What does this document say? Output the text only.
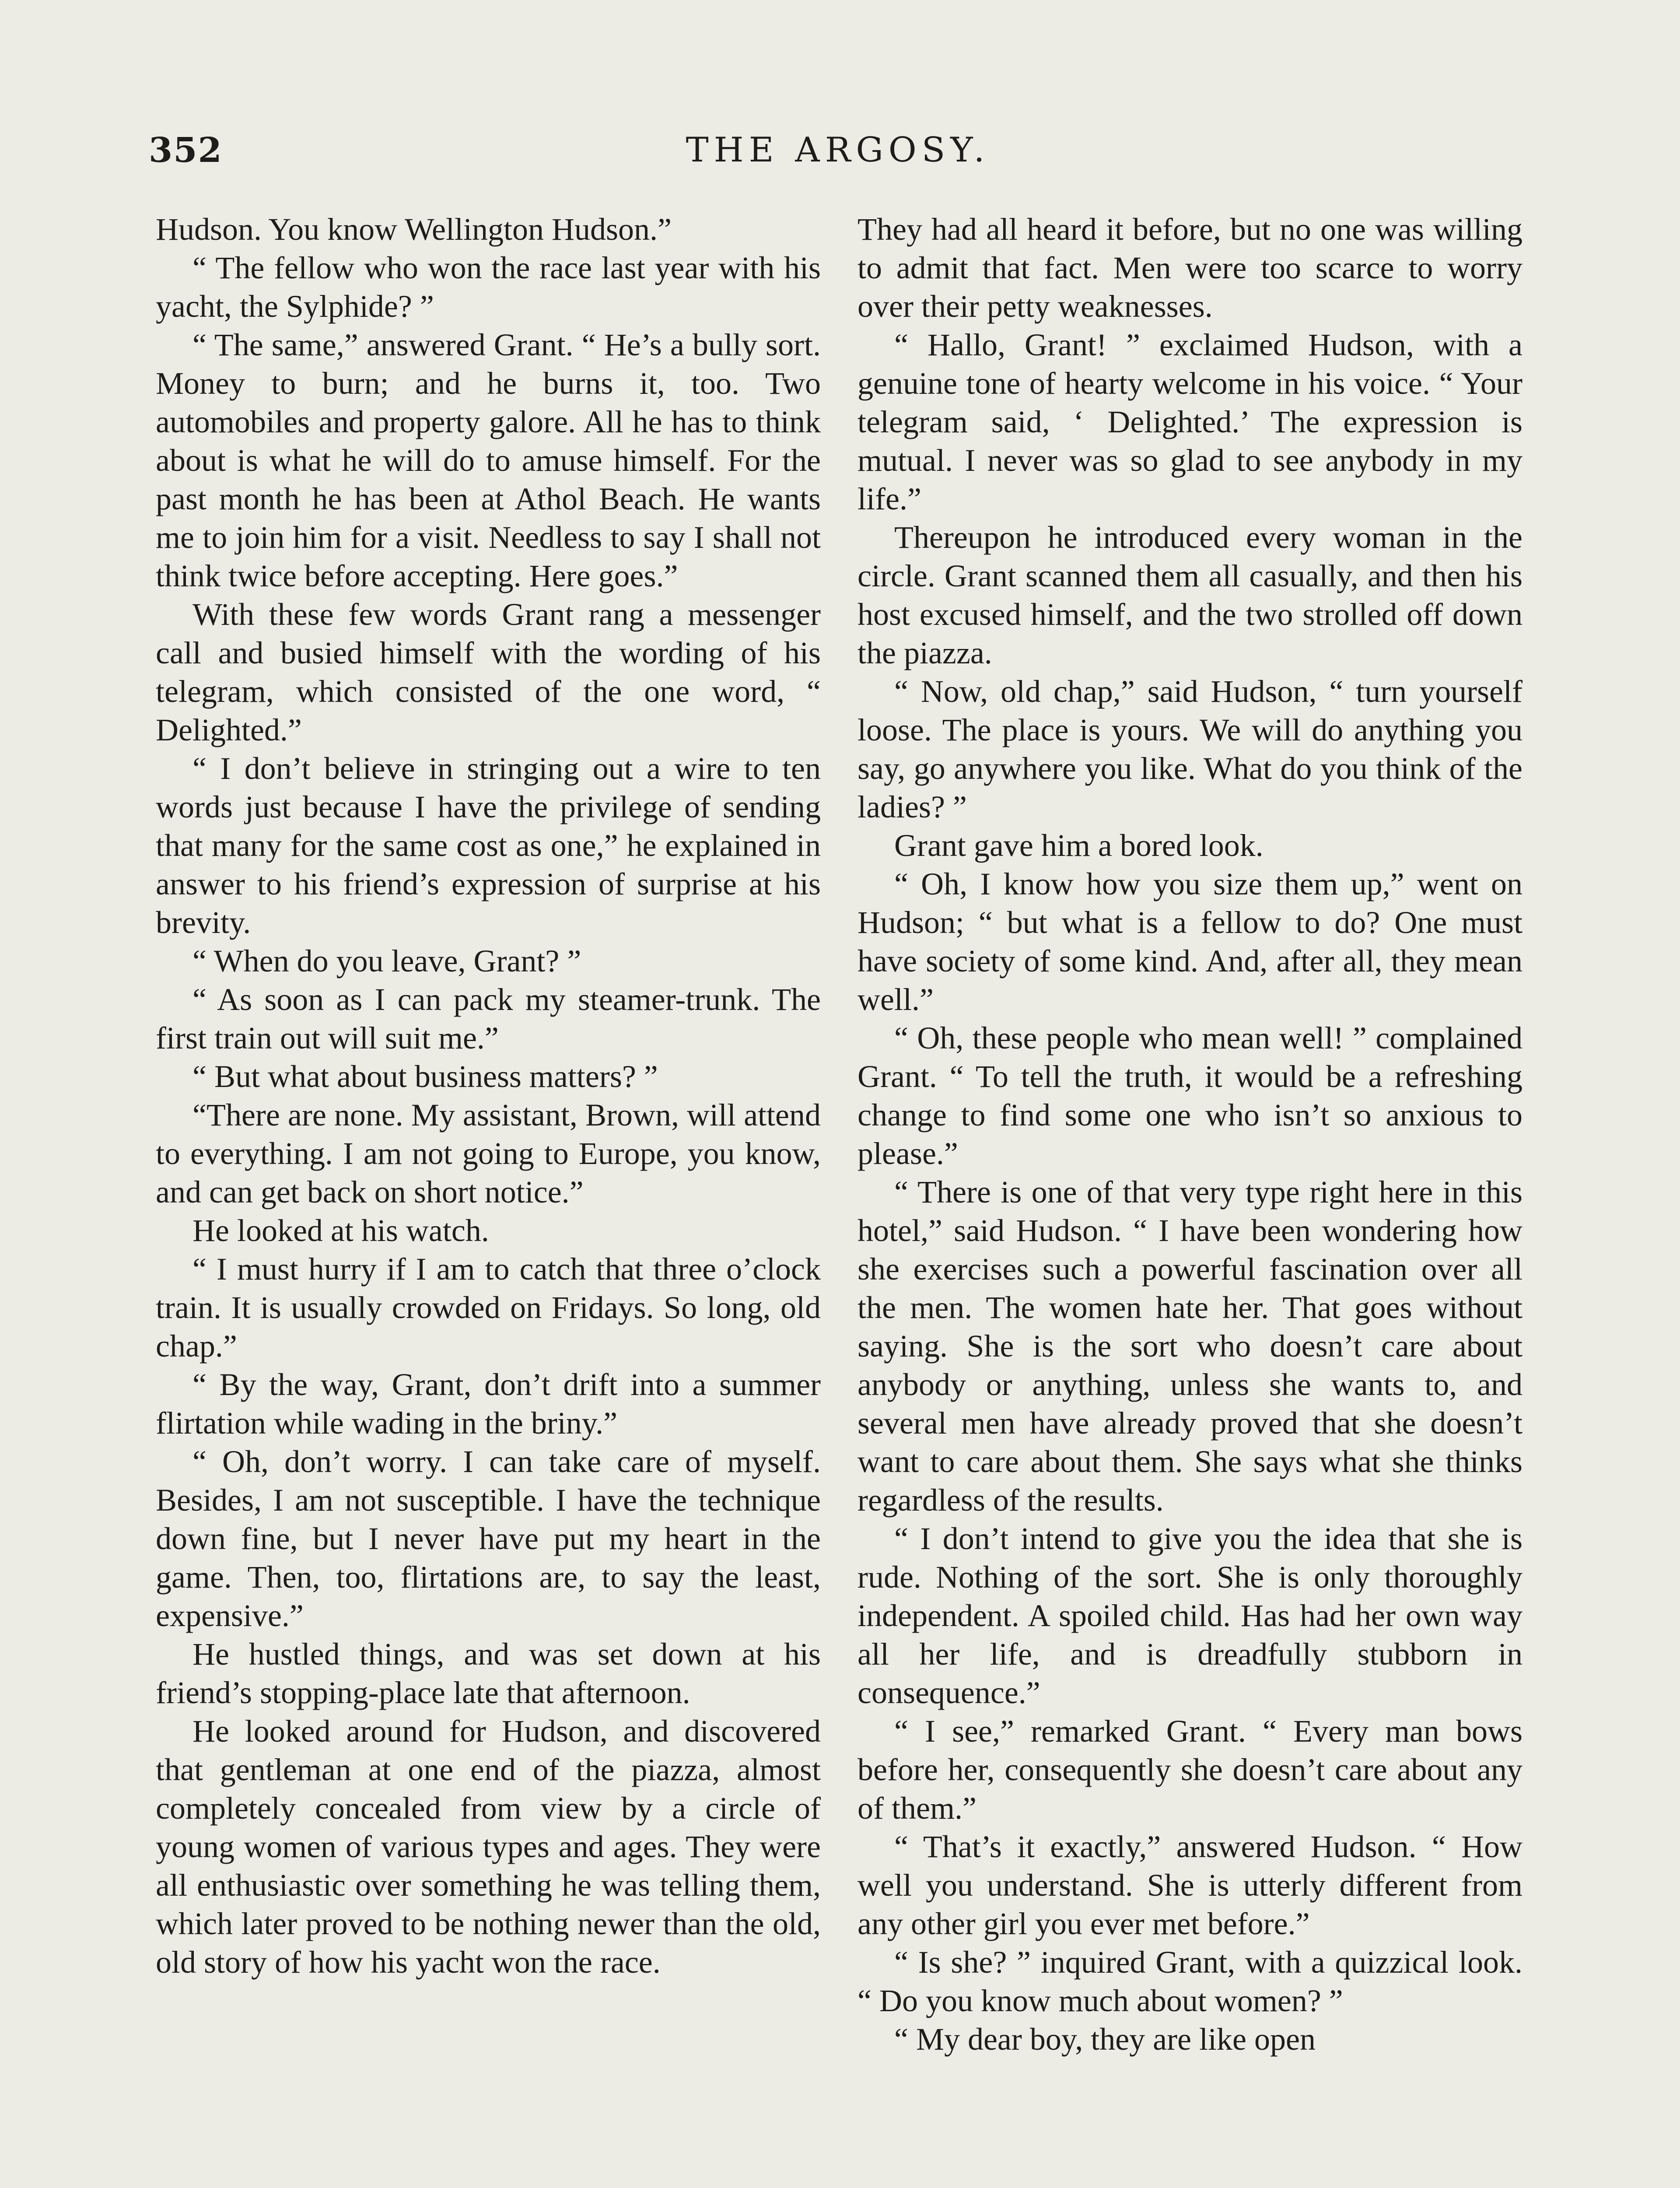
352	THE ARGOSY.

Hudson. You know Wellington Hudson.”

“ The fellow who won the race last year with his yacht, the Sylphide? ”

“ The same,” answered Grant. “ He’s a bully sort. Money to burn; and he burns it, too. Two automobiles and property galore. All he has to think about is what he will do to amuse himself. For the past month he has been at Athol Beach. He wants me to join him for a visit. Needless to say I shall not think twice before accepting. Here goes.”

With these few words Grant rang a messenger call and busied himself with the wording of his telegram, which consisted of the one word, “ Delighted.”

“ I don’t believe in stringing out a wire to ten words just because I have the privilege of sending that many for the same cost as one,” he explained in answer to his friend’s expression of surprise at his brevity.

“ When do you leave, Grant? ”

“ As soon as I can pack my steamer-trunk. The first train out will suit me.”

“ But what about business matters? ”

“There are none. My assistant, Brown, will attend to everything. I am not going to Europe, you know, and can get back on short notice.”

He looked at his watch.

“ I must hurry if I am to catch that three o’clock train. It is usually crowded on Fridays. So long, old chap.”

“ By the way, Grant, don’t drift into a summer flirtation while wading in the briny.”

“ Oh, don’t worry. I can take care of myself. Besides, I am not susceptible. I have the technique down fine, but I never have put my heart in the game. Then, too, flirtations are, to say the least, expensive.”

He hustled things, and was set down at his friend’s stopping-place late that afternoon.

He looked around for Hudson, and discovered that gentleman at one end of the piazza, almost completely concealed from view by a circle of young women of various types and ages. They were all enthusiastic over something he was telling them, which later proved to be nothing newer than the old, old story of how his yacht won the race.

They had all heard it before, but no one was willing to admit that fact. Men were too scarce to worry over their petty weaknesses.

“ Hallo, Grant! ” exclaimed Hudson, with a genuine tone of hearty welcome in his voice. “ Your telegram said, ‘ Delighted.’ The expression is mutual. I never was so glad to see anybody in my life.”

Thereupon he introduced every woman in the circle. Grant scanned them all casually, and then his host excused himself, and the two strolled off down the piazza.

“ Now, old chap,” said Hudson, “ turn yourself loose. The place is yours. We will do anything you say, go anywhere you like. What do you think of the ladies? ”

Grant gave him a bored look.

“ Oh, I know how you size them up,” went on Hudson; “ but what is a fellow to do? One must have society of some kind. And, after all, they mean well.”

“ Oh, these people who mean well! ” complained Grant. “ To tell the truth, it would be a refreshing change to find some one who isn’t so anxious to please.”

“ There is one of that very type right here in this hotel,” said Hudson. “ I have been wondering how she exercises such a powerful fascination over all the men. The women hate her. That goes without saying. She is the sort who doesn’t care about anybody or anything, unless she wants to, and several men have already proved that she doesn’t want to care about them. She says what she thinks regardless of the results.

“ I don’t intend to give you the idea that she is rude. Nothing of the sort. She is only thoroughly independent. A spoiled child. Has had her own way all her life, and is dreadfully stubborn in consequence.”

“ I see,” remarked Grant. “ Every man bows before her, consequently she doesn’t care about any of them.”

“ That’s it exactly,” answered Hudson. “ How well you understand. She is utterly different from any other girl you ever met before.”

“ Is she? ” inquired Grant, with a quizzical look. “ Do you know much about women? ”

“ My dear boy, they are like open
